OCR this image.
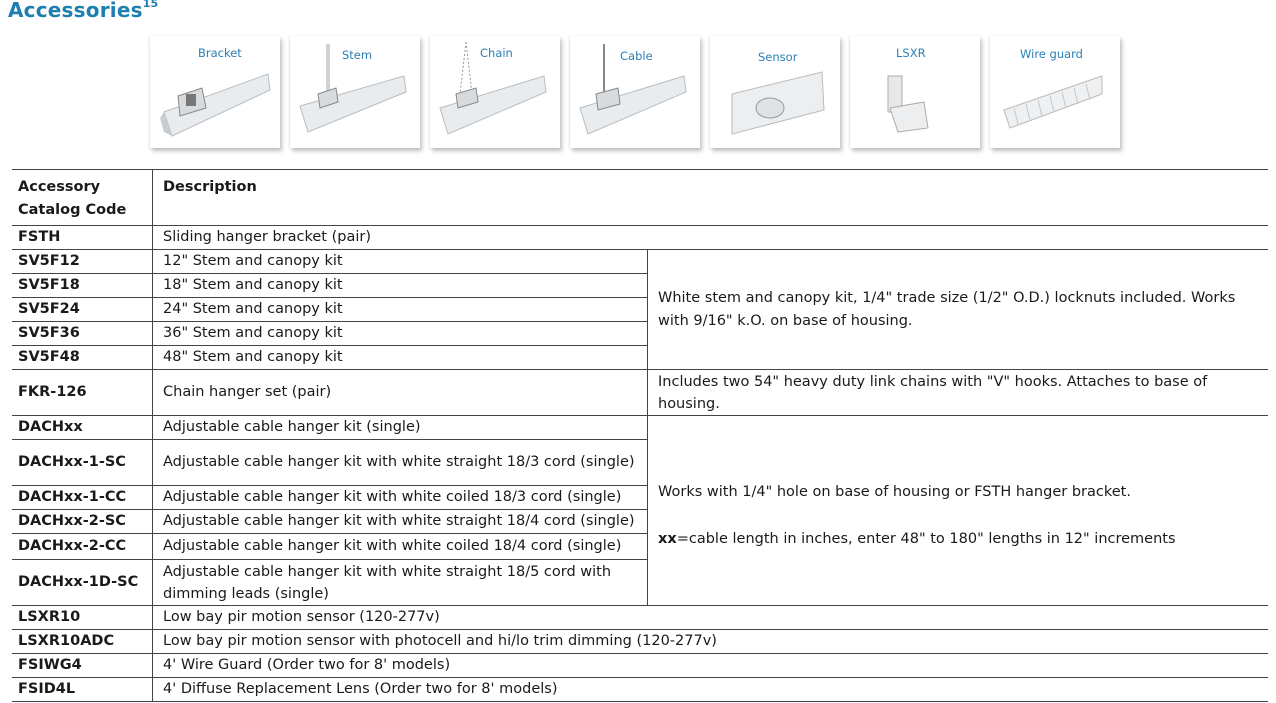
Accessories$^{15}$
Bracket	Stem	Chain	Cable	Sensor	LSXR	Wire guard
Accessory Catalog Code	Description	
FSTH	Sliding hanger bracket (pair)	
SV5F12	12" Stem and canopy kit	White stem and canopy kit, 1/4" trade size (1/2" O.D.) locknuts included. Works with 9/16" k.O. on base of housing.
SV5F18	18" Stem and canopy kit	
SV5F24	24" Stem and canopy kit	
SV5F36	36" Stem and canopy kit	
SV5F48	48" Stem and canopy kit	
FKR-126	Chain hanger set (pair)	Includes two 54" heavy duty link chains with "V" hooks. Attaches to base of housing.
DACHxx	Adjustable cable hanger kit (single)	Works with 1/4" hole on base of housing or FSTH hanger bracket.
xx=cable length in inches, enter 48" to 180" lengths in 12" increments

DACHxx-1-SC	Adjustable cable hanger kit with white straight 18/3 cord (single)	
DACHxx-1-CC	Adjustable cable hanger kit with white coiled 18/3 cord (single)	
DACHxx-2-SC	Adjustable cable hanger kit with white straight 18/4 cord (single)	
DACHxx-2-CC	Adjustable cable hanger kit with white coiled 18/4 cord (single)	
DACHxx-1D-SC	Adjustable cable hanger kit with white straight 18/5 cord with dimming leads (single)	
LSXR10	Low bay pir motion sensor (120-277v)	
LSXR10ADC	Low bay pir motion sensor with photocell and hi/lo trim dimming (120-277v)	
FSIWG4	4' Wire Guard (Order two for 8' models)	
FSID4L	4' Diffuse Replacement Lens (Order two for 8' models)	
